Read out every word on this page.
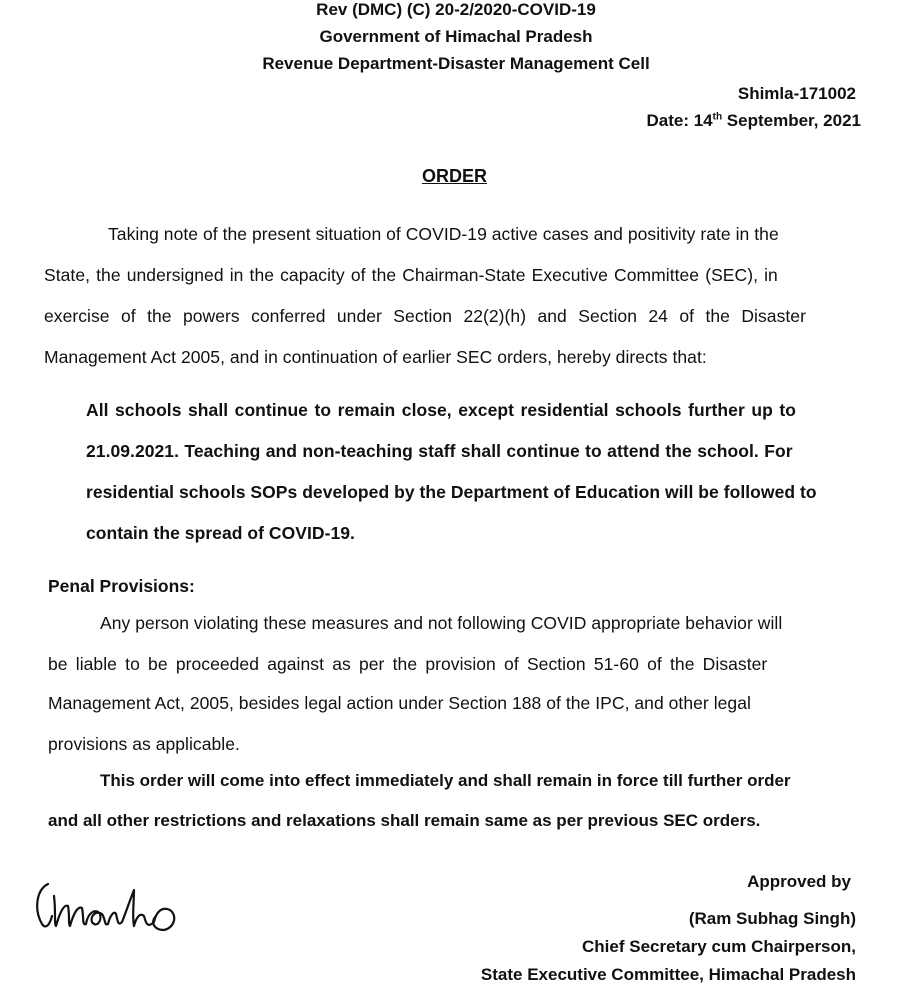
Rev (DMC) (C) 20-2/2020-COVID-19
Government of Himachal Pradesh
Revenue Department-Disaster Management Cell
Shimla-171002
Date: 14th September, 2021
ORDER
Taking note of the present situation of COVID-19 active cases and positivity rate in the
State, the undersigned in the capacity of the Chairman-State Executive Committee (SEC), in
exercise of the powers conferred under Section 22(2)(h) and Section 24 of the Disaster
Management Act 2005, and in continuation of earlier SEC orders, hereby directs that:
All schools shall continue to remain close, except residential schools further up to
21.09.2021. Teaching and non-teaching staff shall continue to attend the school. For
residential schools SOPs developed by the Department of Education will be followed to
contain the spread of COVID-19.
Penal Provisions:
Any person violating these measures and not following COVID appropriate behavior will
be liable to be proceeded against as per the provision of Section 51-60 of the Disaster
Management Act, 2005, besides legal action under Section 188 of the IPC, and other legal
provisions as applicable.
This order will come into effect immediately and shall remain in force till further order
and all other restrictions and relaxations shall remain same as per previous SEC orders.
Approved by
(Ram Subhag Singh)
Chief Secretary cum Chairperson,
State Executive Committee, Himachal Pradesh
